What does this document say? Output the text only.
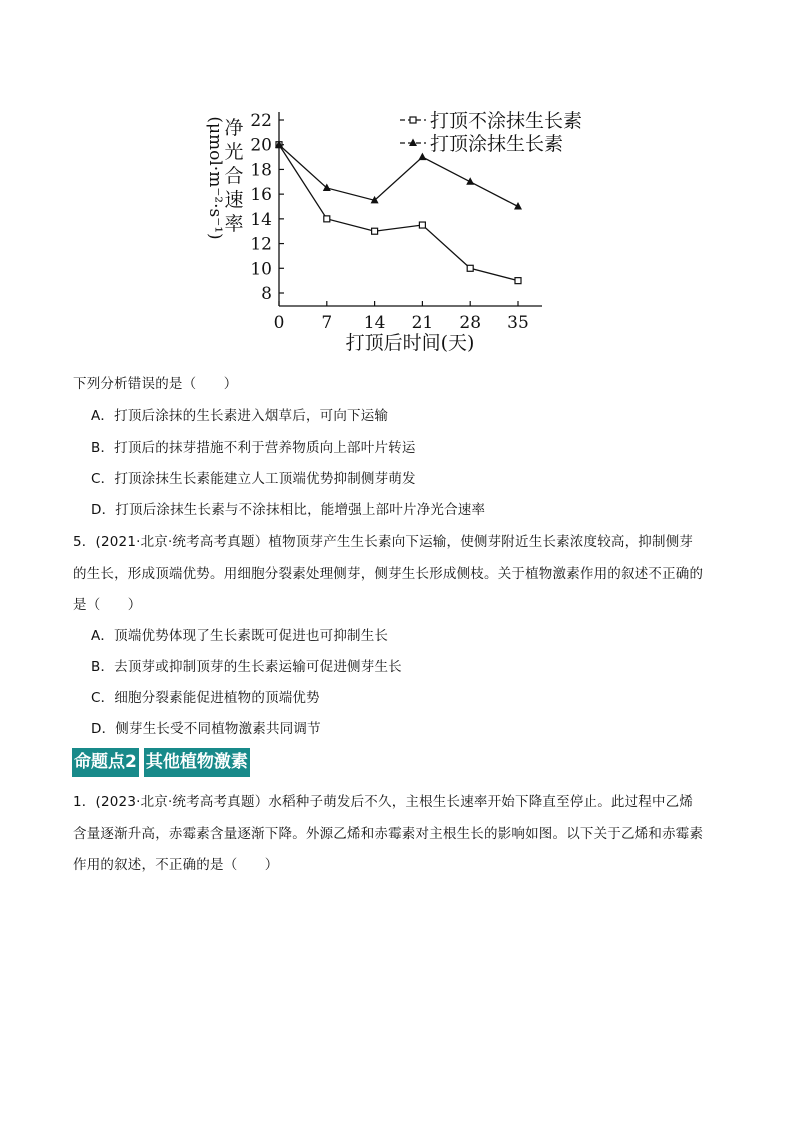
8
10
12
14
16
18
20
22
0 7 14 21 28 35
打顶后时间(天)
净
光
合
速
率
(μmol·m⁻²·s⁻¹)	打顶不涂抹生长素
打顶涂抹生长素
下列分析错误的是（　　）
A．打顶后涂抹的生长素进入烟草后，可向下运输
B．打顶后的抹芽措施不利于营养物质向上部叶片转运
C．打顶涂抹生长素能建立人工顶端优势抑制侧芽萌发
D．打顶后涂抹生长素与不涂抹相比，能增强上部叶片净光合速率
5．(2021·北京·统考高考真题）植物顶芽产生生长素向下运输，使侧芽附近生长素浓度较高，抑制侧芽
的生长，形成顶端优势。用细胞分裂素处理侧芽，侧芽生长形成侧枝。关于植物激素作用的叙述不正确的
是（　　）
A．顶端优势体现了生长素既可促进也可抑制生长
B．去顶芽或抑制顶芽的生长素运输可促进侧芽生长
C．细胞分裂素能促进植物的顶端优势
D．侧芽生长受不同植物激素共同调节
命题点2 其他植物激素
1．(2023·北京·统考高考真题）水稻种子萌发后不久，主根生长速率开始下降直至停止。此过程中乙烯
含量逐渐升高，赤霉素含量逐渐下降。外源乙烯和赤霉素对主根生长的影响如图。以下关于乙烯和赤霉素
作用的叙述，不正确的是（　　）
